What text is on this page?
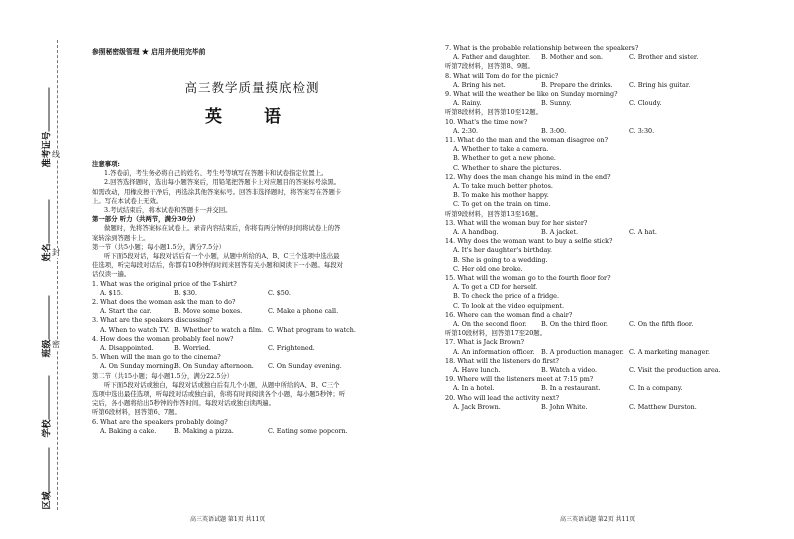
线
封
密
准考证号
姓名
班级
学校
区域
参照秘密级管理 ★ 启用并使用完毕前
高三教学质量摸底检测
英 语
注意事项:
1.答卷前，考生务必将自己的姓名、考生号等填写在答题卡和试卷指定位置上。
2.回答选择题时，选出每小题答案后，用铅笔把答题卡上对应题目的答案标号涂黑。
如需改动，用橡皮擦干净后，再选涂其他答案标号。回答非选择题时，将答案写在答题卡
上。写在本试卷上无效。
3.考试结束后，将本试卷和答题卡一并交回。
第一部分 听力（共两节，满分30分）
做题时，先将答案标在试卷上。录音内容结束后，你将有两分钟的时间将试卷上的答
案转涂到答题卡上。
第一节（共5小题；每小题1.5分，满分7.5分）
听下面5段对话，每段对话后有一个小题，从题中所给的A、B、C三个选项中选出最
佳选项，听完每段对话后，你都有10秒钟的时间来回答有关小题和阅读下一小题。每段对
话仅读一遍。
1. What was the original price of the T-shirt?
A. $15.	B. $30.	C. $50.
2. What does the woman ask the man to do?
A. Start the car.	B. Move some boxes.	C. Make a phone call.
3. What are the speakers discussing?
A. When to watch TV. B. Whether to watch a film. C. What program to watch.
4. How does the woman probably feel now?
A. Disappointed.	B. Worried.	C. Frightened.
5. When will the man go to the cinema?
A. On Sunday morning.
B. On Sunday afternoon. C. On Sunday evening.
第二节（共15小题；每小题1.5分，满分22.5分）
听下面5段对话或独白，每段对话或独白后有几个小题，从题中所给的A、B、C三个
选项中选出最佳选项，听每段对话或独白前，你将有时间阅读各个小题，每小题5秒钟；听
完后，各小题将给出5秒钟的作答时间。每段对话或独白读两遍。
听第6段材料，回答第6、7题。
6. What are the speakers probably doing?
A. Baking a cake.	B. Making a pizza.	C. Eating some popcorn.
7. What is the probable relationship between the speakers?
A. Father and daughter. B. Mother and son.	C. Brother and sister.
听第7段材料，回答第8、9题。
8. What will Tom do for the picnic?
A. Bring his net.	B. Prepare the drinks.	C. Bring his guitar.
9. What will the weather be like on Sunday morning?
A. Rainy.	B. Sunny.	C. Cloudy.
听第8段材料，回答第10至12题。
10. What's the time now?
A. 2:30.	B. 3:00.	C. 3:30.
11. What do the man and the woman disagree on?
A. Whether to take a camera.
B. Whether to get a new phone.
C. Whether to share the pictures.
12. Why does the man change his mind in the end?
A. To take much better photos.
B. To make his mother happy.
C. To get on the train on time.
听第9段材料，回答第13至16题。
13. What will the woman buy for her sister?
A. A handbag.	B. A jacket.	C. A hat.
14. Why does the woman want to buy a selfie stick?
A. It's her daughter's birthday.
B. She is going to a wedding.
C. Her old one broke.
15. What will the woman go to the fourth floor for?
A. To get a CD for herself.
B. To check the price of a fridge.
C. To look at the video equipment.
16. Where can the woman find a chair?
A. On the second floor. B. On the third floor.	C. On the fifth floor.
听第10段材料，回答第17至20题。
17. What is Jack Brown?
A. An information officer. B. A production manager. C. A marketing manager.
18. What will the listeners do first?
A. Have lunch.	B. Watch a video.	C. Visit the production area.
19. Where will the listeners meet at 7:15 pm?
A. In a hotel.	B. In a restaurant.	C. In a company.
20. Who will lead the activity next?
A. Jack Brown.	B. John White.	C. Matthew Durston.
高三英语试题 第1页 共11页	高三英语试题 第2页 共11页
